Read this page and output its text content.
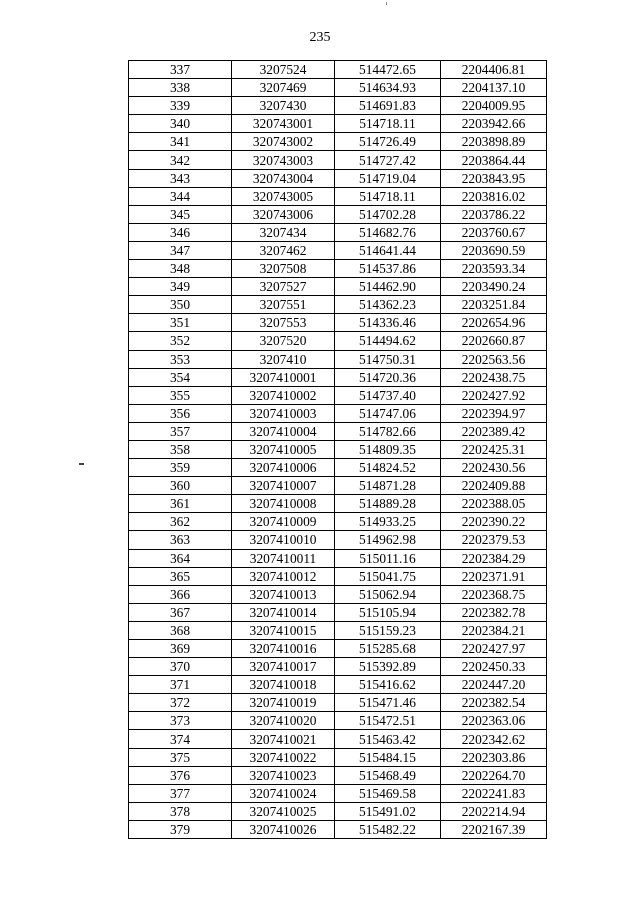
235
337	3207524	514472.65	2204406.81
338	3207469	514634.93	2204137.10
339	3207430	514691.83	2204009.95
340	320743001	514718.11	2203942.66
341	320743002	514726.49	2203898.89
342	320743003	514727.42	2203864.44
343	320743004	514719.04	2203843.95
344	320743005	514718.11	2203816.02
345	320743006	514702.28	2203786.22
346	3207434	514682.76	2203760.67
347	3207462	514641.44	2203690.59
348	3207508	514537.86	2203593.34
349	3207527	514462.90	2203490.24
350	3207551	514362.23	2203251.84
351	3207553	514336.46	2202654.96
352	3207520	514494.62	2202660.87
353	3207410	514750.31	2202563.56
354	3207410001	514720.36	2202438.75
355	3207410002	514737.40	2202427.92
356	3207410003	514747.06	2202394.97
357	3207410004	514782.66	2202389.42
358	3207410005	514809.35	2202425.31
359	3207410006	514824.52	2202430.56
360	3207410007	514871.28	2202409.88
361	3207410008	514889.28	2202388.05
362	3207410009	514933.25	2202390.22
363	3207410010	514962.98	2202379.53
364	3207410011	515011.16	2202384.29
365	3207410012	515041.75	2202371.91
366	3207410013	515062.94	2202368.75
367	3207410014	515105.94	2202382.78
368	3207410015	515159.23	2202384.21
369	3207410016	515285.68	2202427.97
370	3207410017	515392.89	2202450.33
371	3207410018	515416.62	2202447.20
372	3207410019	515471.46	2202382.54
373	3207410020	515472.51	2202363.06
374	3207410021	515463.42	2202342.62
375	3207410022	515484.15	2202303.86
376	3207410023	515468.49	2202264.70
377	3207410024	515469.58	2202241.83
378	3207410025	515491.02	2202214.94
379	3207410026	515482.22	2202167.39
